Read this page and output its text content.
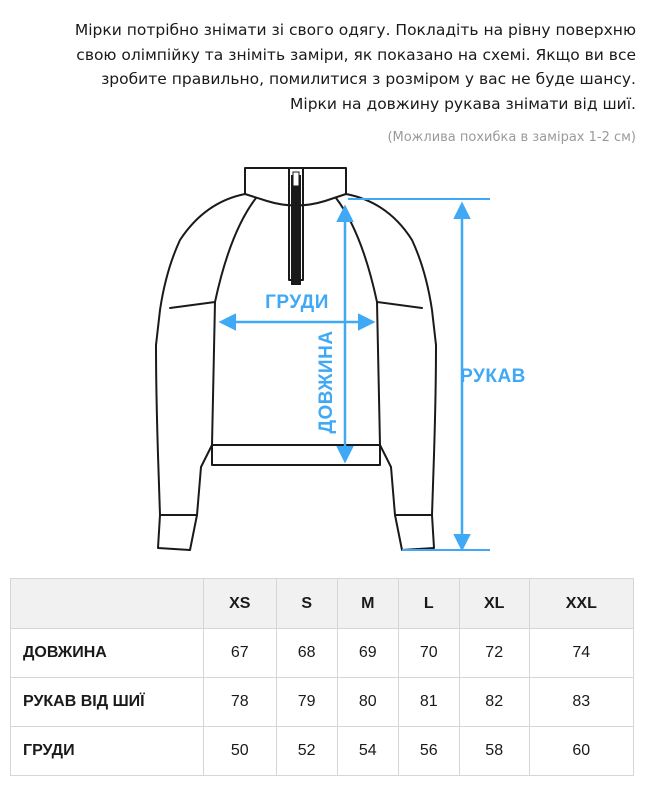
Мірки потрібно знімати зі свого одягу. Покладіть на рівну поверхню

свою олімпійку та зніміть заміри, як показано на схемі. Якщо ви все

зробите правильно, помилитися з розміром у вас не буде шансу.

Мірки на довжину рукава знімати від шиї.

(Можлива похибка в замірах 1-2 см)
ГРУДИ
ДОВЖИНА	РУКАВ
	XS	S	M	L	XL	XXL
ДОВЖИНА	67	68	69	70	72	74
РУКАВ ВІД ШИЇ	78	79	80	81	82	83
ГРУДИ	50	52	54	56	58	60
